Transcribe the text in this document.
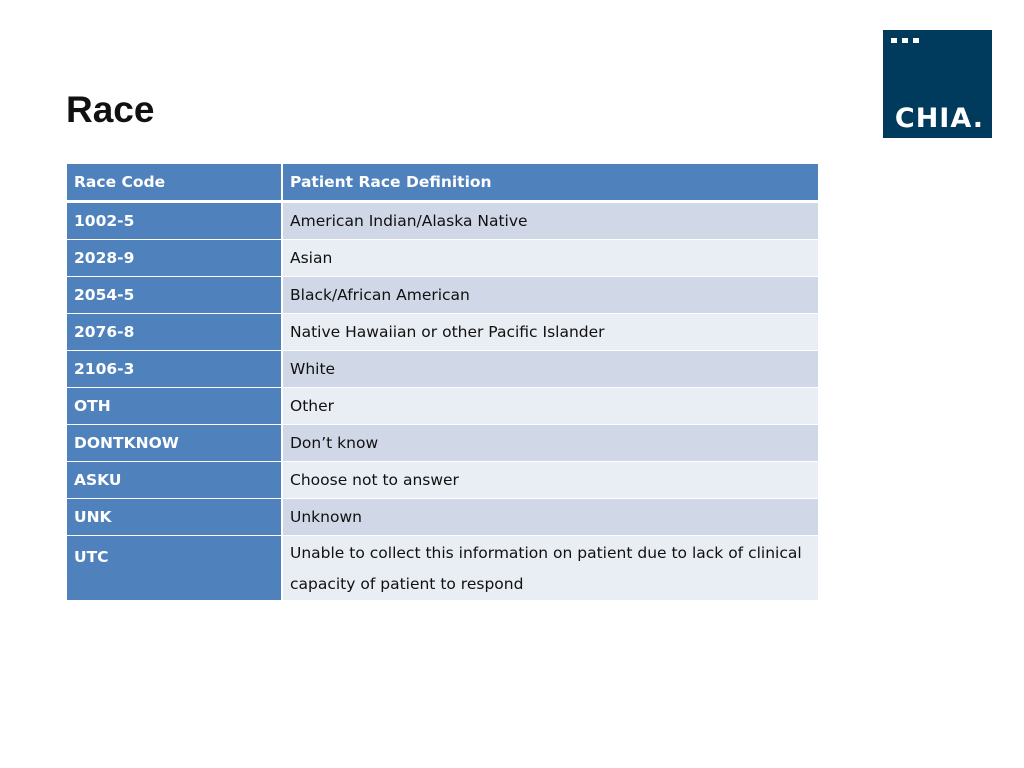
Race	CHIA.
Race Code	Patient Race Definition
1002-5	American Indian/Alaska Native
2028-9	Asian
2054-5	Black/African American
2076-8	Native Hawaiian or other Pacific Islander
2106-3	White
OTH	Other
DONTKNOW	Don’t know
ASKU	Choose not to answer
UNK	Unknown
UTC	Unable to collect this information on patient due to lack of clinical capacity of patient to respond
